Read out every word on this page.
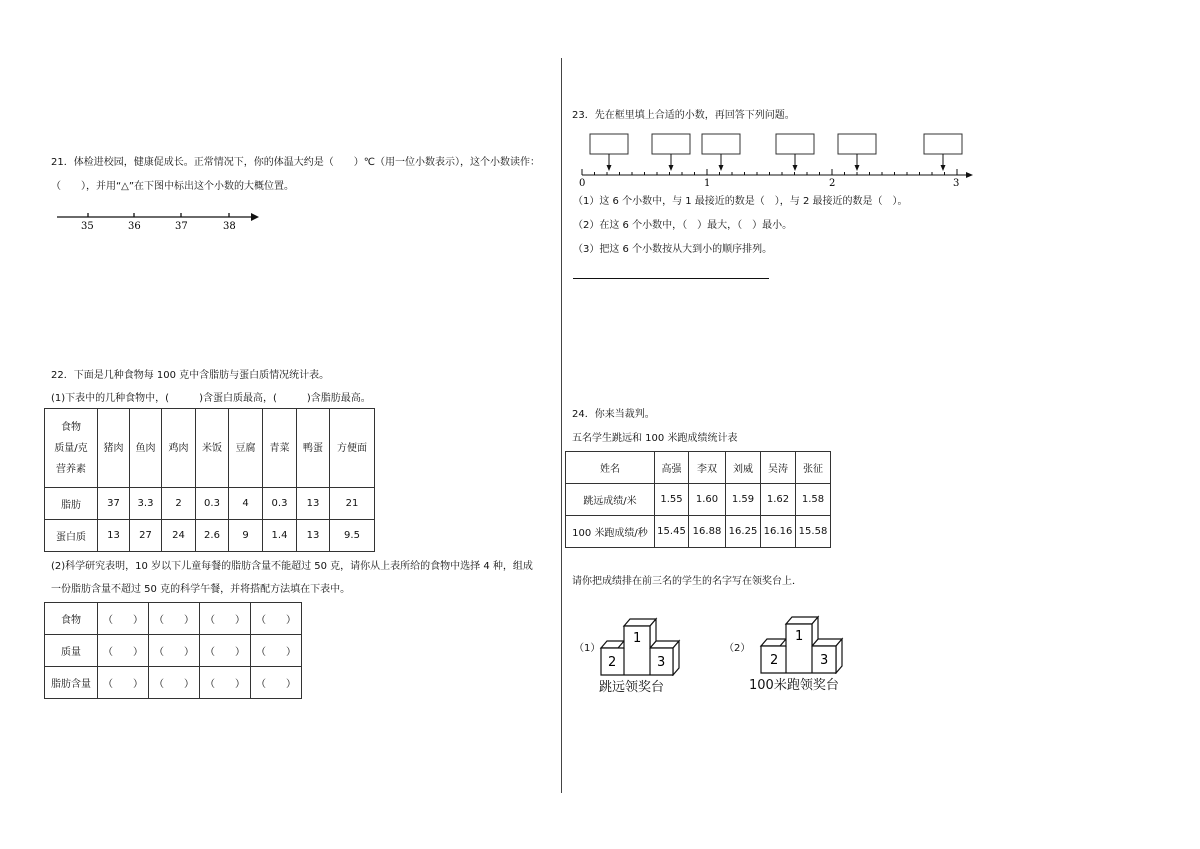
21．体检进校园，健康促成长。正常情况下，你的体温大约是（　　）℃（用一位小数表示），这个小数读作：
（　　），并用“△”在下图中标出这个小数的大概位置。
35	36	37	38
22．下面是几种食物每 100 克中含脂肪与蛋白质情况统计表。
(1)下表中的几种食物中，(　　　)含蛋白质最高，(　　　)含脂肪最高。
食物
质量/克
营养素	猪肉	鱼肉	鸡肉	米饭	豆腐	青菜	鸭蛋	方便面
脂肪	37	3.3	2	0.3	4	0.3	13	21
蛋白质	13	27	24	2.6	9	1.4	13	9.5
(2)科学研究表明，10 岁以下儿童每餐的脂肪含量不能超过 50 克，请你从上表所给的食物中选择 4 种，组成
一份脂肪含量不超过 50 克的科学午餐，并将搭配方法填在下表中。
食物	（　　）	（　　）	（　　）	（　　）
质量	（　　）	（　　）	（　　）	（　　）
脂肪含量	（　　）	（　　）	（　　）	（　　）
23．先在框里填上合适的小数，再回答下列问题。
0	1	2	3
（1）这 6 个小数中，与 1 最接近的数是（　），与 2 最接近的数是（　）。
（2）在这 6 个小数中，（　）最大，（　）最小。
（3）把这 6 个小数按从大到小的顺序排列。
24．你来当裁判。
五名学生跳远和 100 米跑成绩统计表
姓名	高强	李双	刘威	吴涛	张征
跳远成绩/米	1.55	1.60	1.59	1.62	1.58
100 米跑成绩/秒	15.45	16.88	16.25	16.16	15.58
请你把成绩排在前三名的学生的名字写在领奖台上．
（1）
1
2	3
跳远领奖台
（2）
1
2	3
100米跑领奖台
